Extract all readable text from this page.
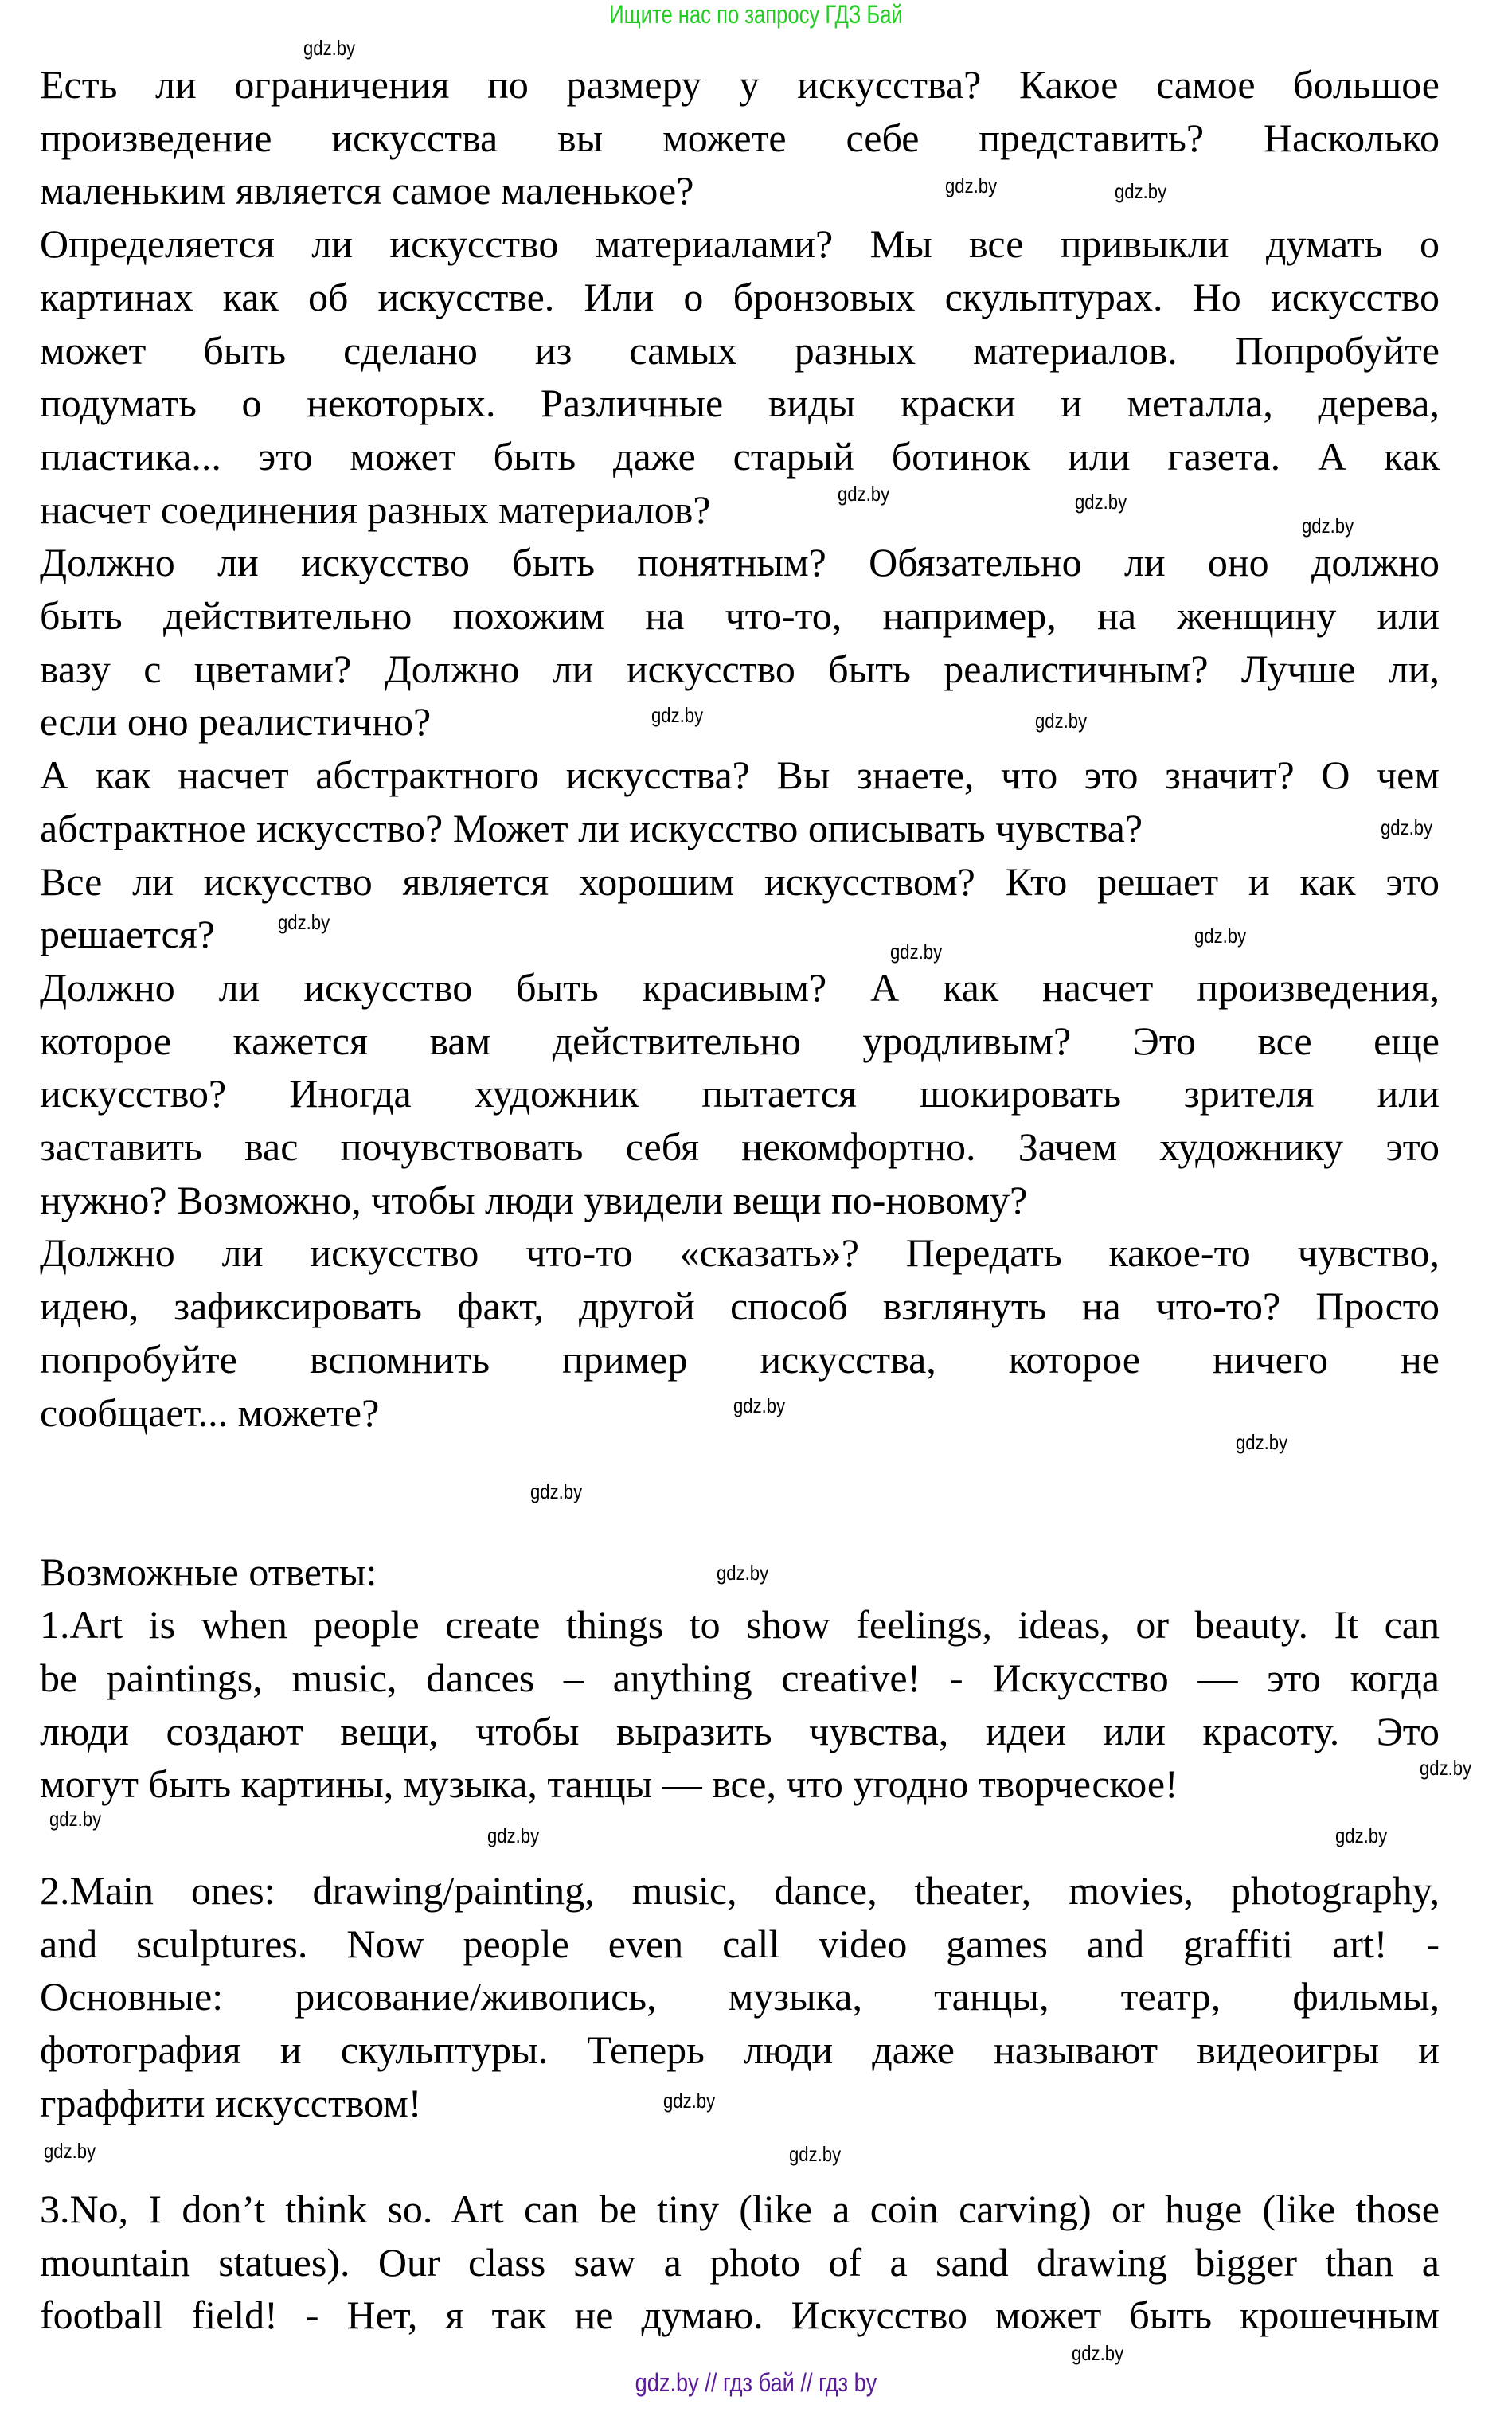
Ищите нас по запросу ГДЗ Бай
Есть ли ограничения по размеру у искусства? Какое самое большое
произведение искусства вы можете себе представить? Насколько
маленьким является самое маленькое?
Определяется ли искусство материалами? Мы все привыкли думать о
картинах как об искусстве. Или о бронзовых скульптурах. Но искусство
может быть сделано из самых разных материалов. Попробуйте
подумать о некоторых. Различные виды краски и металла, дерева,
пластика... это может быть даже старый ботинок или газета. А как
насчет соединения разных материалов?
Должно ли искусство быть понятным? Обязательно ли оно должно
быть действительно похожим на что-то, например, на женщину или
вазу с цветами? Должно ли искусство быть реалистичным? Лучше ли,
если оно реалистично?
А как насчет абстрактного искусства? Вы знаете, что это значит? О чем
абстрактное искусство? Может ли искусство описывать чувства?
Все ли искусство является хорошим искусством? Кто решает и как это
решается?
Должно ли искусство быть красивым? А как насчет произведения,
которое кажется вам действительно уродливым? Это все еще
искусство? Иногда художник пытается шокировать зрителя или
заставить вас почувствовать себя некомфортно. Зачем художнику это
нужно? Возможно, чтобы люди увидели вещи по-новому?
Должно ли искусство что-то «сказать»? Передать какое-то чувство,
идею, зафиксировать факт, другой способ взглянуть на что-то? Просто
попробуйте вспомнить пример искусства, которое ничего не
сообщает... можете?
Возможные ответы:
1.Art is when people create things to show feelings, ideas, or beauty. It can
be paintings, music, dances – anything creative! - Искусство — это когда
люди создают вещи, чтобы выразить чувства, идеи или красоту. Это
могут быть картины, музыка, танцы — все, что угодно творческое!
2.Main ones: drawing/painting, music, dance, theater, movies, photography,
and sculptures. Now people even call video games and graffiti art! -
Основные: рисование/живопись, музыка, танцы, театр, фильмы,
фотография и скульптуры. Теперь люди даже называют видеоигры и
граффити искусством!
3.No, I don’t think so. Art can be tiny (like a coin carving) or huge (like those
mountain statues). Our class saw a photo of a sand drawing bigger than a
football field! - Нет, я так не думаю. Искусство может быть крошечным
gdz.by
gdz.by	gdz.by
gdz.by
gdz.by
gdz.by
gdz.by
gdz.by
gdz.by
gdz.by
gdz.by
gdz.by
gdz.by
gdz.by
gdz.by
gdz.by
gdz.by
gdz.by
gdz.by
gdz.by
gdz.by
gdz.by
gdz.by
gdz.by
gdz.by // гдз бай // гдз by
